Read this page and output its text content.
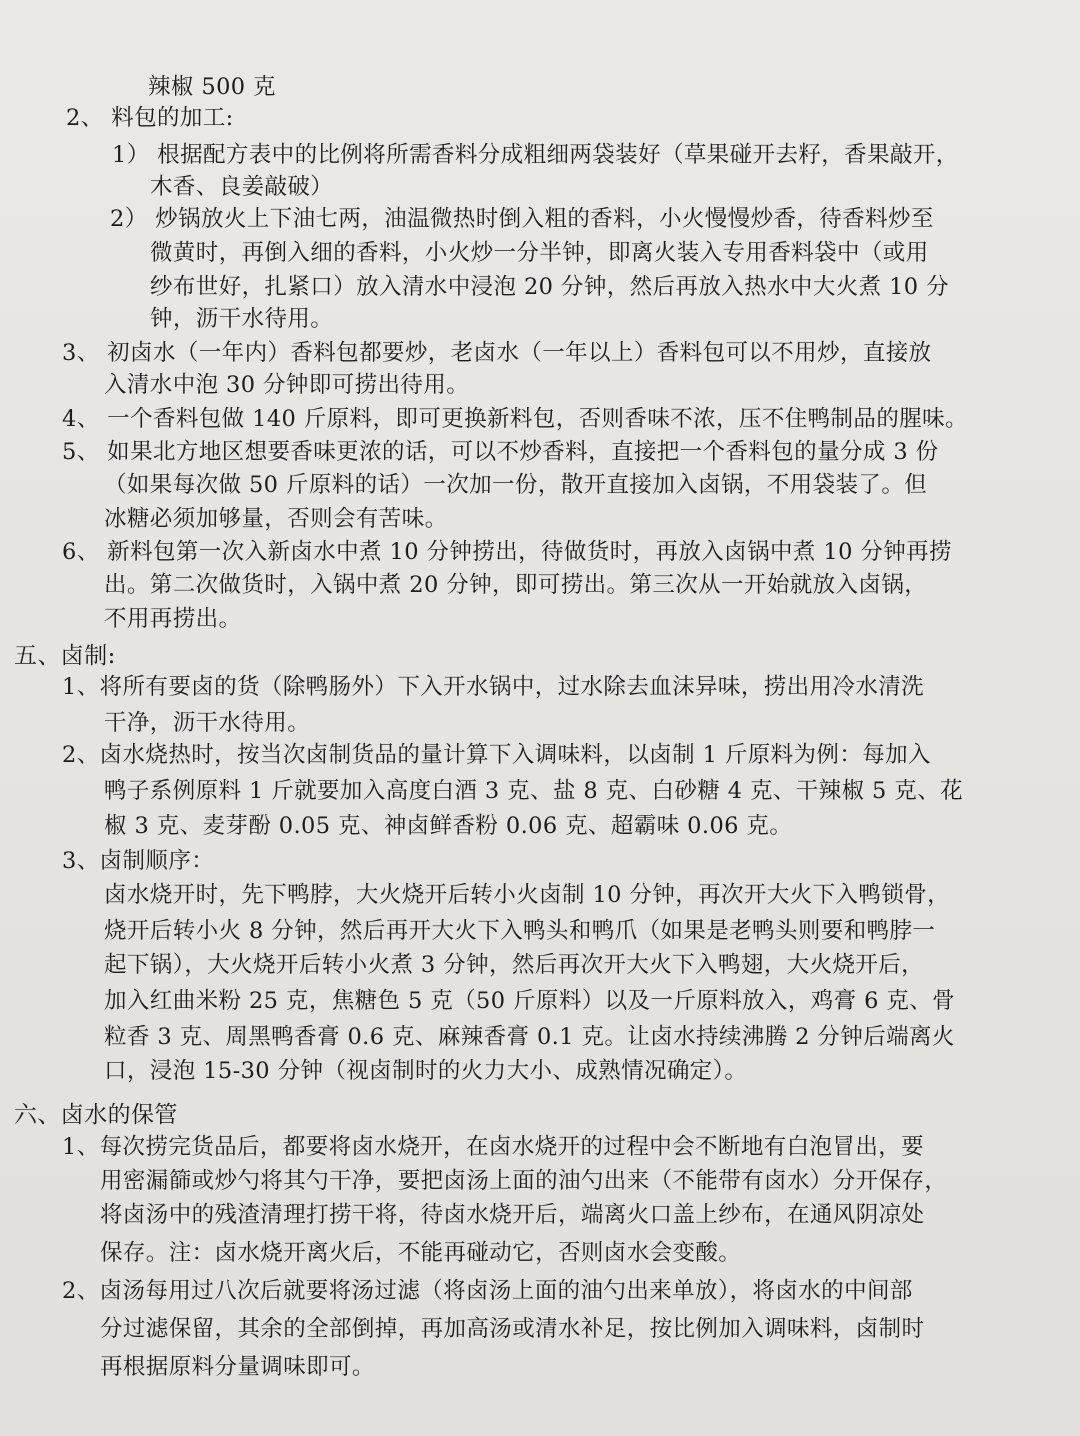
辣椒 500 克
2、 料包的加工:
1） 根据配方表中的比例将所需香料分成粗细两袋装好（草果碰开去籽，香果敲开，
木香、良姜敲破）
2） 炒锅放火上下油七两，油温微热时倒入粗的香料，小火慢慢炒香，待香料炒至
微黄时，再倒入细的香料，小火炒一分半钟，即离火装入专用香料袋中（或用
纱布世好，扎紧口）放入清水中浸泡 20 分钟，然后再放入热水中大火煮 10 分
钟，沥干水待用。
3、 初卤水（一年内）香料包都要炒，老卤水（一年以上）香料包可以不用炒，直接放
入清水中泡 30 分钟即可捞出待用。
4、 一个香料包做 140 斤原料，即可更换新料包，否则香味不浓，压不住鸭制品的腥味。
5、 如果北方地区想要香味更浓的话，可以不炒香料，直接把一个香料包的量分成 3 份
（如果每次做 50 斤原料的话）一次加一份，散开直接加入卤锅，不用袋装了。但
冰糖必须加够量，否则会有苦味。
6、 新料包第一次入新卤水中煮 10 分钟捞出，待做货时，再放入卤锅中煮 10 分钟再捞
出。第二次做货时，入锅中煮 20 分钟，即可捞出。第三次从一开始就放入卤锅，
不用再捞出。
五、卤制:
1、将所有要卤的货（除鸭肠外）下入开水锅中，过水除去血沫异味，捞出用冷水清洗
干净，沥干水待用。
2、卤水烧热时，按当次卤制货品的量计算下入调味料，以卤制 1 斤原料为例：每加入
鸭子系例原料 1 斤就要加入高度白酒 3 克、盐 8 克、白砂糖 4 克、干辣椒 5 克、花
椒 3 克、麦芽酚 0.05 克、神卤鲜香粉 0.06 克、超霸味 0.06 克。
3、卤制顺序：
卤水烧开时，先下鸭脖，大火烧开后转小火卤制 10 分钟，再次开大火下入鸭锁骨，
烧开后转小火 8 分钟，然后再开大火下入鸭头和鸭爪（如果是老鸭头则要和鸭脖一
起下锅），大火烧开后转小火煮 3 分钟，然后再次开大火下入鸭翅，大火烧开后，
加入红曲米粉 25 克，焦糖色 5 克（50 斤原料）以及一斤原料放入，鸡膏 6 克、骨
粒香 3 克、周黑鸭香膏 0.6 克、麻辣香膏 0.1 克。让卤水持续沸腾 2 分钟后端离火
口，浸泡 15-30 分钟（视卤制时的火力大小、成熟情况确定）。
六、卤水的保管
1、每次捞完货品后，都要将卤水烧开，在卤水烧开的过程中会不断地有白泡冒出，要
用密漏篩或炒勺将其勺干净，要把卤汤上面的油勺出来（不能带有卤水）分开保存，
将卤汤中的残渣清理打捞干将，待卤水烧开后，端离火口盖上纱布，在通风阴凉处
保存。注：卤水烧开离火后，不能再碰动它，否则卤水会变酸。
2、卤汤每用过八次后就要将汤过滤（将卤汤上面的油勺出来单放），将卤水的中间部
分过滤保留，其余的全部倒掉，再加高汤或清水补足，按比例加入调味料，卤制时
再根据原料分量调味即可。
